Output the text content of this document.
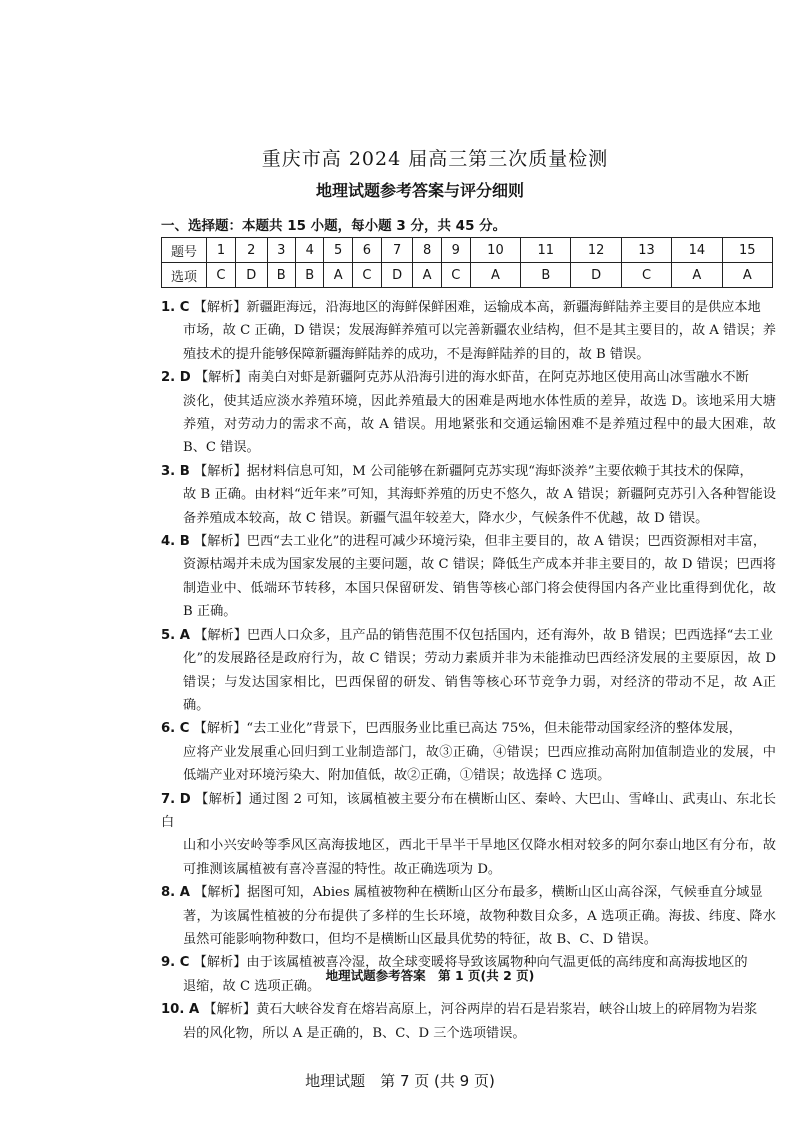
重庆市高 2024 届高三第三次质量检测
地理试题参考答案与评分细则
一、选择题：本题共 15 小题，每小题 3 分，共 45 分。
题号	1	2	3	4	5	6	7	8	9	10	11	12	13	14	15
选项	C	D	B	B	A	C	D	A	C	A	B	D	C	A	A

1. C 【解析】新疆距海远，沿海地区的海鲜保鲜困难，运输成本高，新疆海鲜陆养主要目的是供应本地
市场，故 C 正确，D 错误；发展海鲜养殖可以完善新疆农业结构，但不是其主要目的，故 A 错误；养殖技术的提升能够保障新疆海鲜陆养的成功，不是海鲜陆养的目的，故 B 错误。

2. D 【解析】南美白对虾是新疆阿克苏从沿海引进的海水虾苗，在阿克苏地区使用高山冰雪融水不断
淡化，使其适应淡水养殖环境，因此养殖最大的困难是两地水体性质的差异，故选 D。该地采用大塘养殖，对劳动力的需求不高，故 A 错误。用地紧张和交通运输困难不是养殖过程中的最大困难，故 B、C 错误。

3. B 【解析】据材料信息可知，M 公司能够在新疆阿克苏实现“海虾淡养”主要依赖于其技术的保障，
故 B 正确。由材料“近年来”可知，其海虾养殖的历史不悠久，故 A 错误；新疆阿克苏引入各种智能设备养殖成本较高，故 C 错误。新疆气温年较差大，降水少，气候条件不优越，故 D 错误。

4. B 【解析】巴西“去工业化”的进程可减少环境污染，但非主要目的，故 A 错误；巴西资源相对丰富，
资源枯竭并未成为国家发展的主要问题，故 C 错误；降低生产成本并非主要目的，故 D 错误；巴西将制造业中、低端环节转移，本国只保留研发、销售等核心部门将会使得国内各产业比重得到优化，故 B 正确。

5. A 【解析】巴西人口众多，且产品的销售范围不仅包括国内，还有海外，故 B 错误；巴西选择“去工业
化”的发展路径是政府行为，故 C 错误；劳动力素质并非为未能推动巴西经济发展的主要原因，故 D 错误；与发达国家相比，巴西保留的研发、销售等核心环节竞争力弱，对经济的带动不足，故 A正确。

6. C 【解析】“去工业化”背景下，巴西服务业比重已高达 75%，但未能带动国家经济的整体发展，
应将产业发展重心回归到工业制造部门，故③正确，④错误；巴西应推动高附加值制造业的发展，中低端产业对环境污染大、附加值低，故②正确，①错误；故选择 C 选项。

7. D 【解析】通过图 2 可知，该属植被主要分布在横断山区、秦岭、大巴山、雪峰山、武夷山、东北长白
山和小兴安岭等季风区高海拔地区，西北干旱半干旱地区仅降水相对较多的阿尔泰山地区有分布，故可推测该属植被有喜冷喜湿的特性。故正确选项为 D。

8. A 【解析】据图可知，Abies 属植被物种在横断山区分布最多，横断山区山高谷深，气候垂直分域显
著，为该属性植被的分布提供了多样的生长环境，故物种数目众多，A 选项正确。海拔、纬度、降水虽然可能影响物种数口，但均不是横断山区最具优势的特征，故 B、C、D 错误。

9. C 【解析】由于该属植被喜冷湿，故全球变暖将导致该属物种向气温更低的高纬度和高海拔地区的
退缩，故 C 选项正确。

10. A 【解析】黄石大峡谷发育在熔岩高原上，河谷两岸的岩石是岩浆岩，峡谷山坡上的碎屑物为岩浆
岩的风化物，所以 A 是正确的，B、C、D 三个选项错误。

地理试题参考答案　第 1 页(共 2 页)
地理试题　第 7 页 (共 9 页)
